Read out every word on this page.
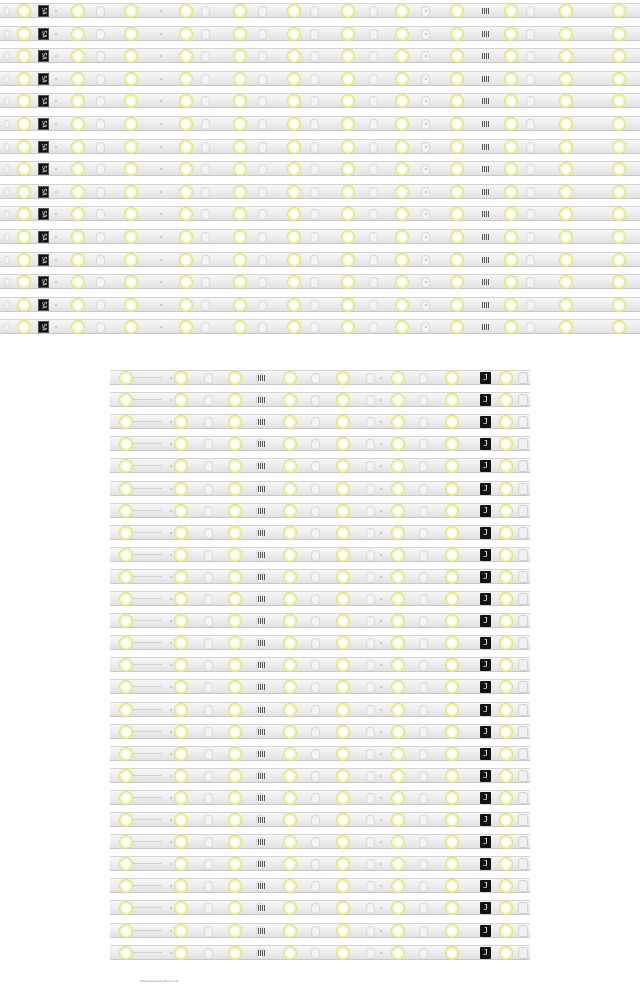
SA
SA
SA
SA
SA
SA
SA
SA
SA
SA
SA
SA
SA
SA
SA
www.example-store.com
J
J
J
J
J
J
J
J
J
J
J
J
J
J
J
J
J
J
J
J
J
J
J
J
J
J
J
